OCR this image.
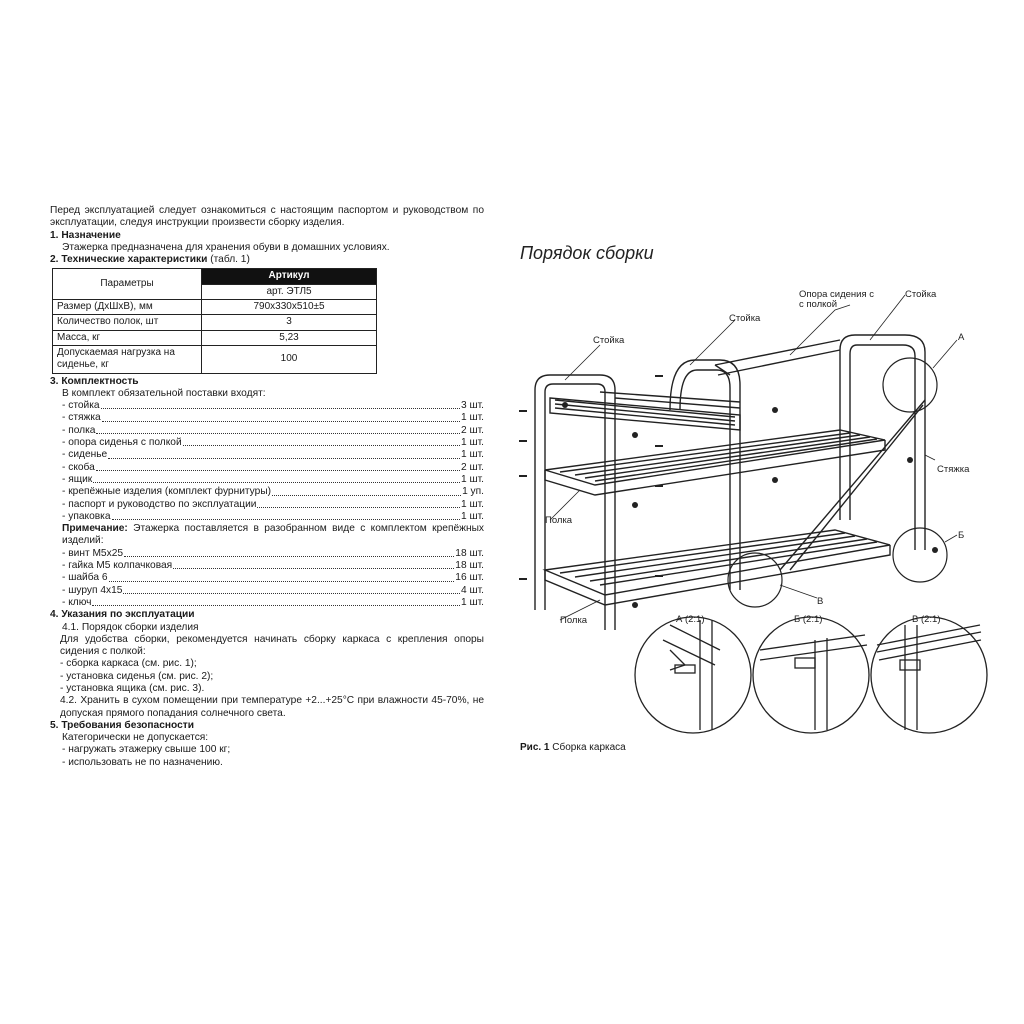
Перед эксплуатацией следует ознакомиться с настоящим паспортом и руководством по эксплуатации, следуя инструкции произвести сборку изделия.

1. Назначение

Этажерка предназначена для хранения обуви в домашних условиях.

2. Технические характеристики (табл. 1)

Параметры	Артикул
	арт. ЭТЛ5
Размер (ДхШхВ), мм	790х330х510±5
Количество полок, шт	3
Масса, кг	5,23
Допускаемая нагрузка на сиденье, кг	100

3. Комплектность

В комплект обязательной поставки входят:

- стойка	3 шт.
- стяжка	1 шт.
- полка	2 шт.
- опора сиденья с полкой	1 шт.
- сиденье	1 шт.
- скоба	2 шт.
- ящик	1 шт.
- крепёжные изделия (комплект фурнитуры)	1 уп.
- паспорт и руководство по эксплуатации	1 шт.
- упаковка	1 шт.

Примечание: Этажерка поставляется в разобранном виде с комплектом крепёжных изделий:

- винт М5х25	18 шт.
- гайка М5 колпачковая	18 шт.
- шайба 6	16 шт.
- шуруп 4х15	4 шт.
- ключ	1 шт.

4. Указания по эксплуатации

4.1. Порядок сборки изделия

Для удобства сборки, рекомендуется начинать сборку каркаса с крепления опоры сидения с полкой:

- сборка каркаса (см. рис. 1);

- установка сиденья (см. рис. 2);

- установка ящика (см. рис. 3).

4.2. Хранить в сухом помещении при температуре +2...+25°С при влажности 45-70%, не допуская прямого попадания солнечного света.

5. Требования безопасности

Категорически не допускается:

- нагружать этажерку свыше 100 кг;

- использовать не по назначению.

Порядок сборки
Стойка
Стойка
Опора сидения с
с полкой
Стойка
А
Стяжка
Б
В
Полка
Полка	А (2:1)	Б (2:1)	В (2:1)
Рис. 1 Сборка каркаса
